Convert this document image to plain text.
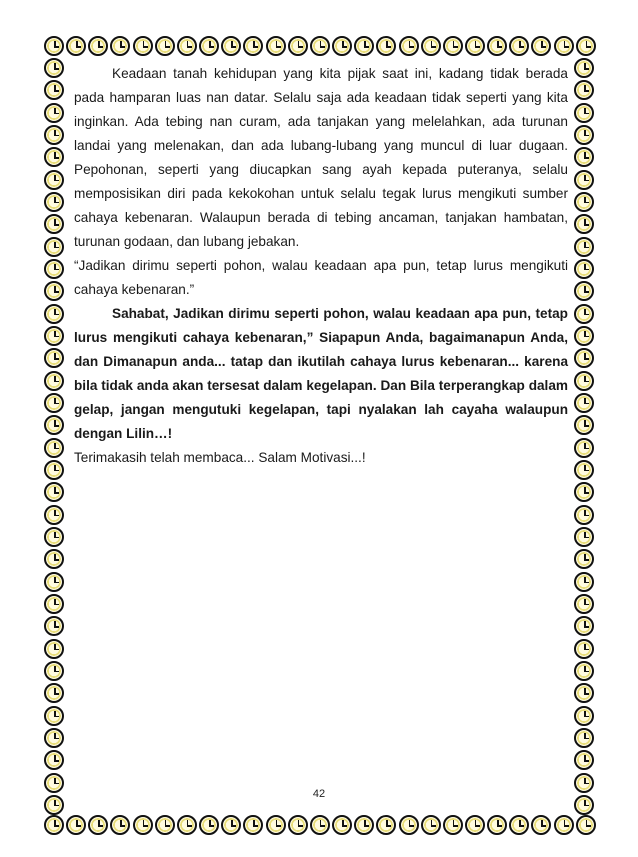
Keadaan tanah kehidupan yang kita pijak saat ini, kadang tidak berada pada hamparan luas nan datar. Selalu saja ada keadaan tidak seperti yang kita inginkan. Ada tebing nan curam, ada tanjakan yang melelahkan, ada turunan landai yang melenakan, dan ada lubang-lubang yang muncul di luar dugaan. Pepohonan, seperti yang diucapkan sang ayah kepada puteranya, selalu memposisikan diri pada kekokohan untuk selalu tegak lurus mengikuti sumber cahaya kebenaran. Walaupun berada di tebing ancaman, tanjakan hambatan, turunan godaan, dan lubang jebakan.

“Jadikan dirimu seperti pohon, walau keadaan apa pun, tetap lurus mengikuti cahaya kebenaran.”

Sahabat, Jadikan dirimu seperti pohon, walau keadaan apa pun, tetap lurus mengikuti cahaya kebenaran,” Siapapun Anda, bagaimanapun Anda, dan Dimanapun anda... tatap dan ikutilah cahaya lurus kebenaran... karena bila tidak anda akan tersesat dalam kegelapan. Dan Bila terperangkap dalam gelap, jangan mengutuki kegelapan, tapi nyalakan lah cayaha walaupun dengan Lilin…!

Terimakasih telah membaca... Salam Motivasi...!

42
